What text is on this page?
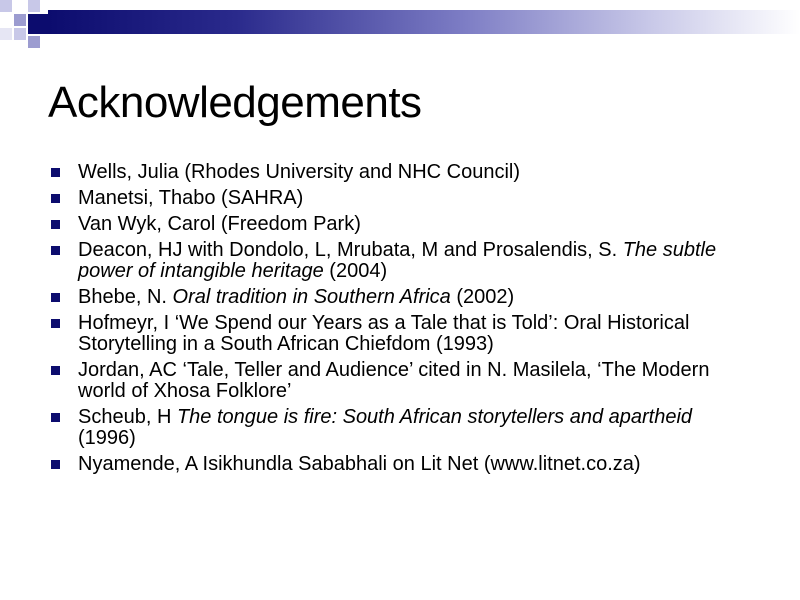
Acknowledgements
Wells, Julia (Rhodes University and NHC Council)
Manetsi, Thabo (SAHRA)
Van Wyk, Carol (Freedom Park)
Deacon, HJ with Dondolo, L, Mrubata, M and Prosalendis, S. The subtle power of intangible heritage (2004)
Bhebe, N. Oral tradition in Southern Africa (2002)
Hofmeyr, I ‘We Spend our Years as a Tale that is Told’: Oral Historical Storytelling in a South African Chiefdom (1993)
Jordan, AC ‘Tale, Teller and Audience’ cited in N. Masilela, ‘The Modern world of Xhosa Folklore’
Scheub, H The tongue is fire: South African storytellers and apartheid (1996)
Nyamende, A Isikhundla Sababhali on Lit Net (www.litnet.co.za)
